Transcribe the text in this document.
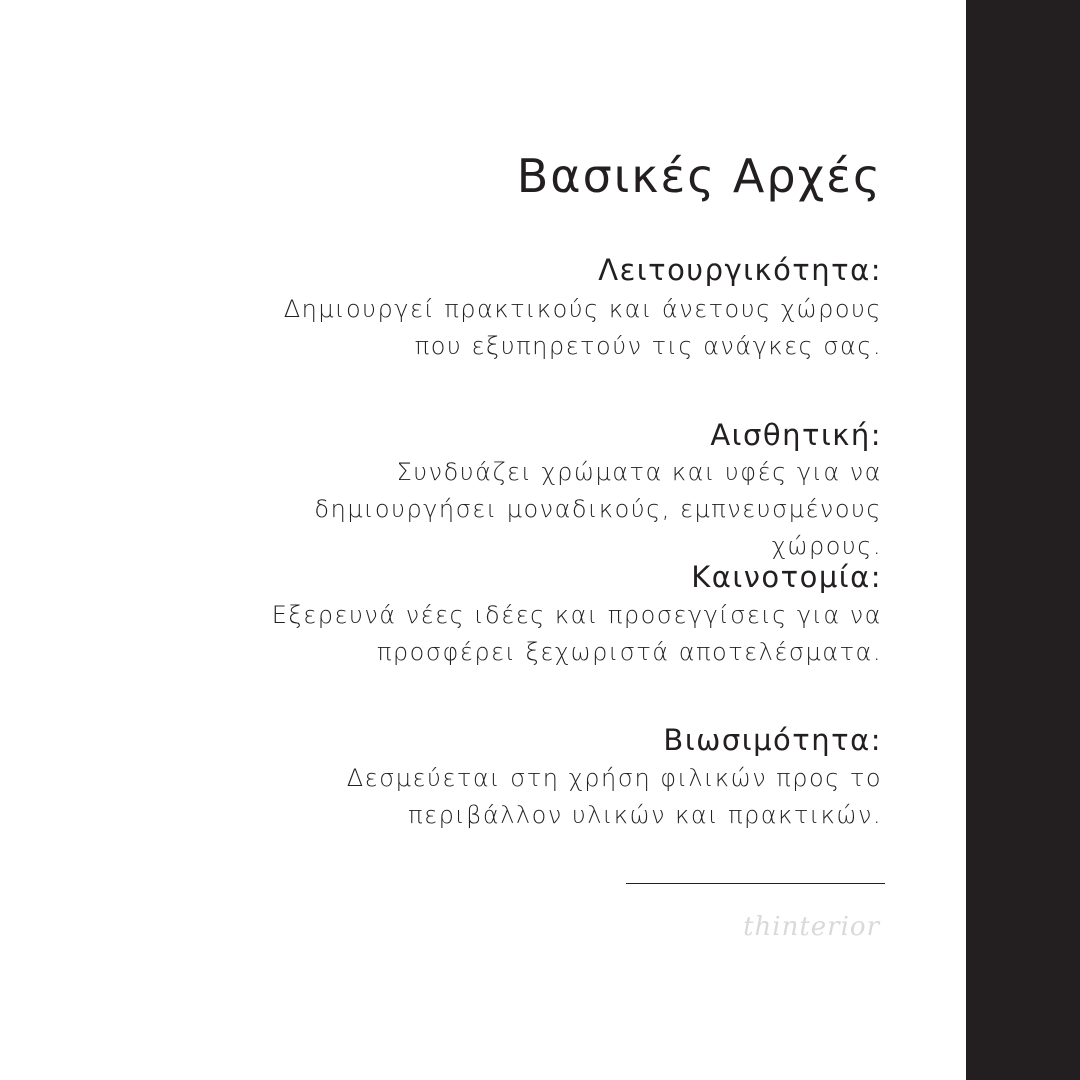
Βασικές Αρχές
Λειτουργικότητα:

Δημιουργεί πρακτικούς και άνετους χώρους
που εξυπηρετούν τις ανάγκες σας.

Αισθητική:

Συνδυάζει χρώματα και υφές για να
δημιουργήσει μοναδικούς, εμπνευσμένους
χώρους.

Καινοτομία:

Εξερευνά νέες ιδέες και προσεγγίσεις για να
προσφέρει ξεχωριστά αποτελέσματα.

Βιωσιμότητα:

Δεσμεύεται στη χρήση φιλικών προς το
περιβάλλον υλικών και πρακτικών.

thinterior
